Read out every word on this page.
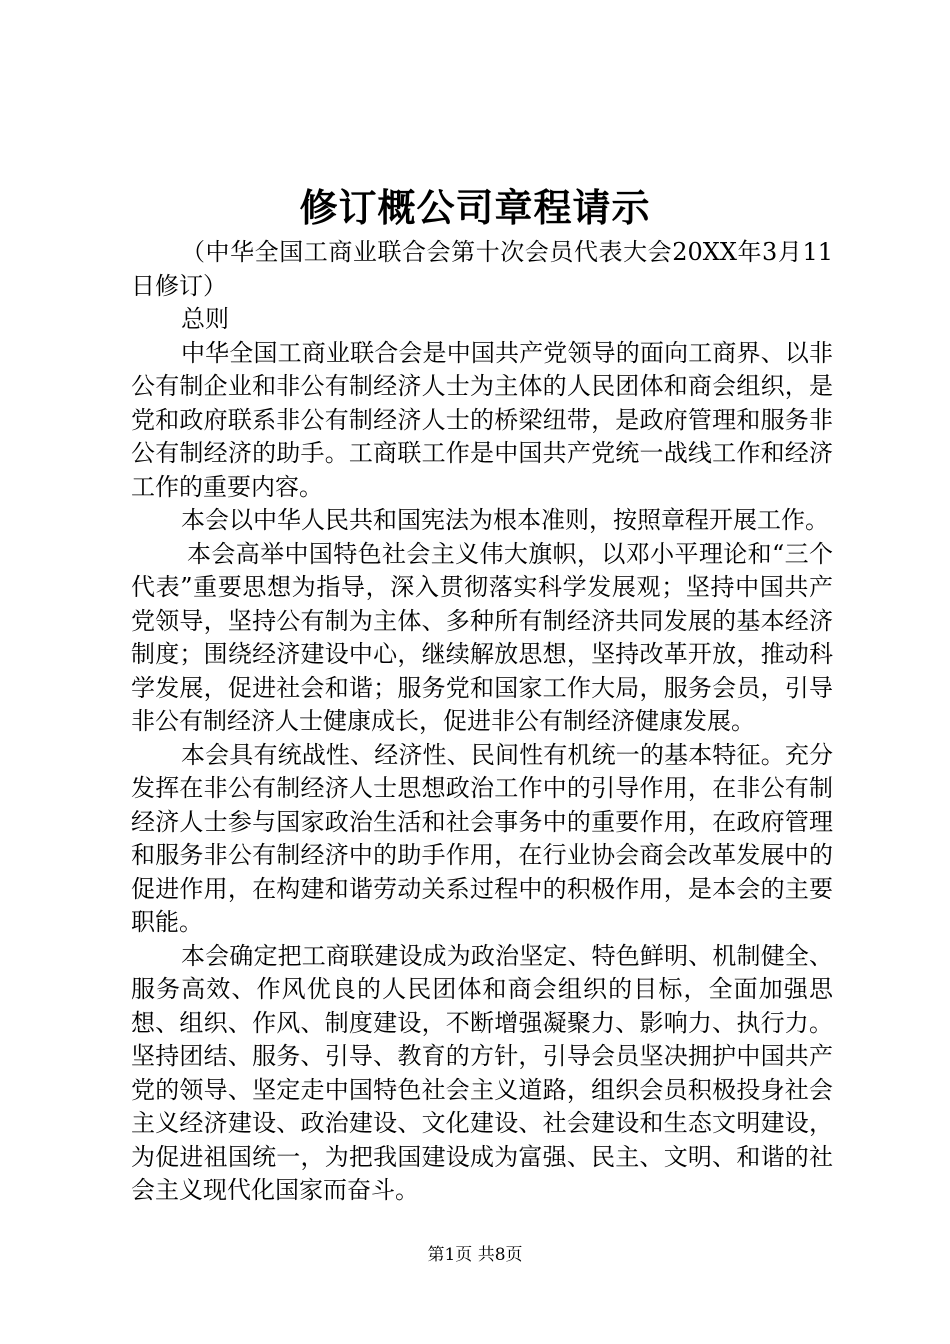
修订概公司章程请示

（中华全国工商业联合会第十次会员代表大会20XX年3月11日修订）

总则

中华全国工商业联合会是中国共产党领导的面向工商界、以非公有制企业和非公有制经济人士为主体的人民团体和商会组织，是党和政府联系非公有制经济人士的桥梁纽带，是政府管理和服务非公有制经济的助手。工商联工作是中国共产党统一战线工作和经济工作的重要内容。

本会以中华人民共和国宪法为根本准则，按照章程开展工作。

本会高举中国特色社会主义伟大旗帜，以邓小平理论和“三个代表”重要思想为指导，深入贯彻落实科学发展观；坚持中国共产党领导，坚持公有制为主体、多种所有制经济共同发展的基本经济制度；围绕经济建设中心，继续解放思想，坚持改革开放，推动科学发展，促进社会和谐；服务党和国家工作大局，服务会员，引导非公有制经济人士健康成长，促进非公有制经济健康发展。

本会具有统战性、经济性、民间性有机统一的基本特征。充分发挥在非公有制经济人士思想政治工作中的引导作用，在非公有制经济人士参与国家政治生活和社会事务中的重要作用，在政府管理和服务非公有制经济中的助手作用，在行业协会商会改革发展中的促进作用，在构建和谐劳动关系过程中的积极作用，是本会的主要职能。

本会确定把工商联建设成为政治坚定、特色鲜明、机制健全、服务高效、作风优良的人民团体和商会组织的目标，全面加强思想、组织、作风、制度建设，不断增强凝聚力、影响力、执行力。坚持团结、服务、引导、教育的方针，引导会员坚决拥护中国共产党的领导、坚定走中国特色社会主义道路，组织会员积极投身社会主义经济建设、政治建设、文化建设、社会建设和生态文明建设，为促进祖国统一，为把我国建设成为富强、民主、文明、和谐的社会主义现代化国家而奋斗。

第1页 共8页
